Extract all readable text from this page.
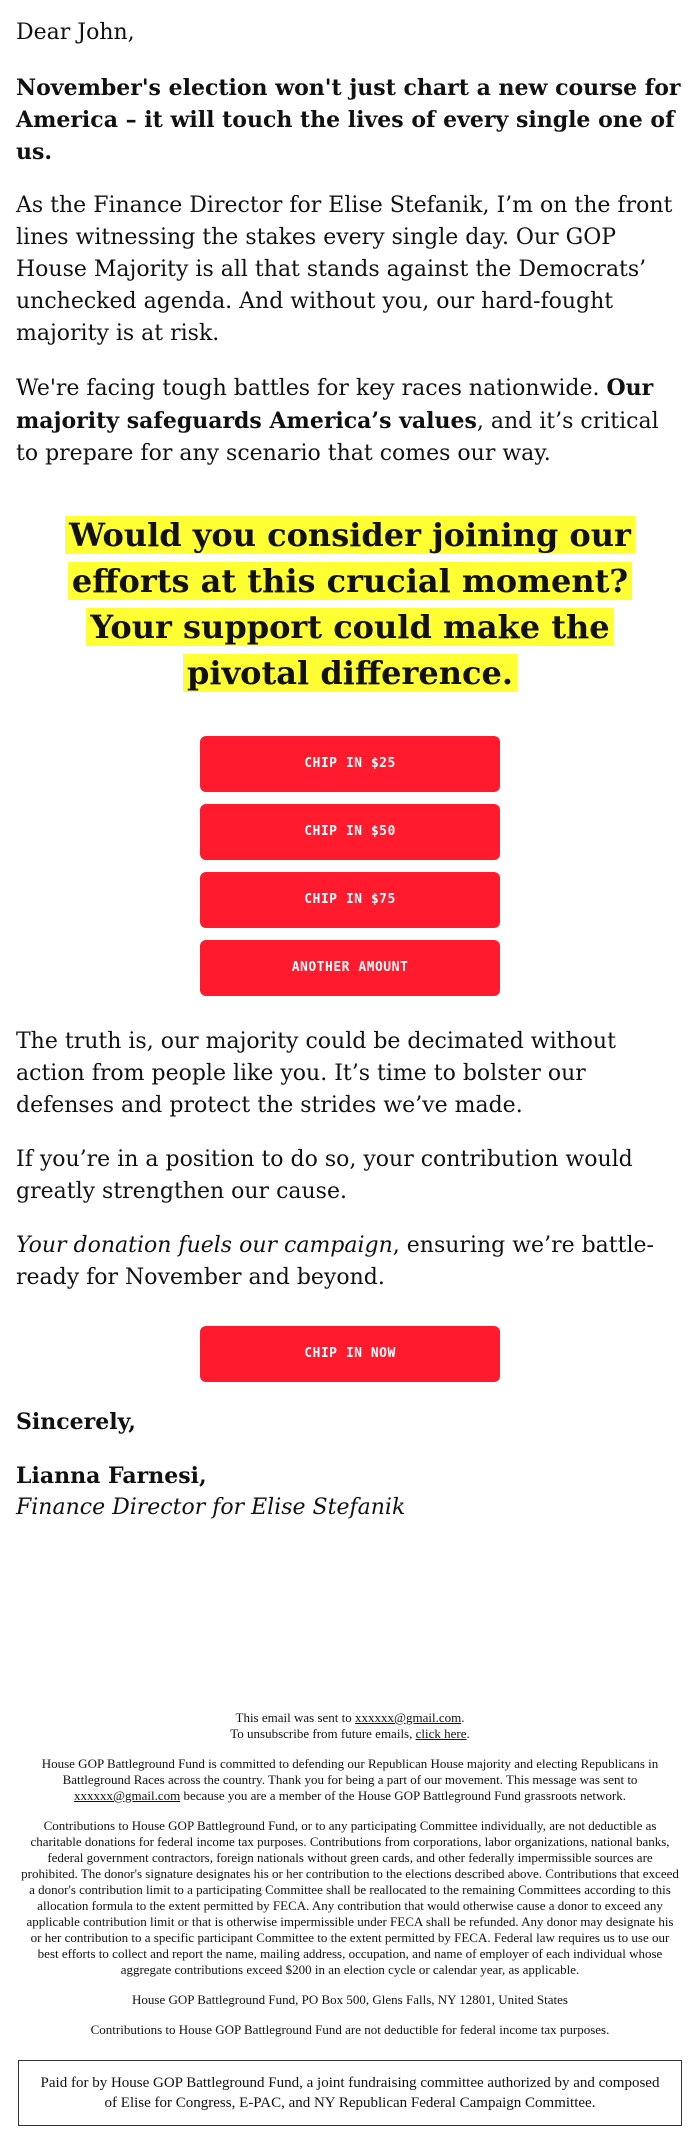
Dear John,

November's election won't just chart a new course for America – it will touch the lives of every single one of us.

As the Finance Director for Elise Stefanik, I’m on the front lines witnessing the stakes every single day. Our GOP House Majority is all that stands against the Democrats’ unchecked agenda. And without you, our hard-fought majority is at risk.

We're facing tough battles for key races nationwide. Our majority safeguards America’s values, and it’s critical to prepare for any scenario that comes our way.

Would you consider joining our efforts at this crucial moment? Your support could make the pivotal difference.
CHIP IN $25
CHIP IN $50
CHIP IN $75
ANOTHER AMOUNT

The truth is, our majority could be decimated without action from people like you. It’s time to bolster our defenses and protect the strides we’ve made.

If you’re in a position to do so, your contribution would greatly strengthen our cause.

Your donation fuels our campaign, ensuring we’re battle-ready for November and beyond.

CHIP IN NOW

Sincerely,

Lianna Farnesi,

Finance Director for Elise Stefanik

This email was sent to xxxxxx@gmail.com.

To unsubscribe from future emails, click here.

House GOP Battleground Fund is committed to defending our Republican House majority and electing Republicans in Battleground Races across the country. Thank you for being a part of our movement. This message was sent to xxxxxx@gmail.com because you are a member of the House GOP Battleground Fund grassroots network.

Contributions to House GOP Battleground Fund, or to any participating Committee individually, are not deductible as charitable donations for federal income tax purposes. Contributions from corporations, labor organizations, national banks, federal government contractors, foreign nationals without green cards, and other federally impermissible sources are prohibited. The donor's signature designates his or her contribution to the elections described above. Contributions that exceed a donor's contribution limit to a participating Committee shall be reallocated to the remaining Committees according to this allocation formula to the extent permitted by FECA. Any contribution that would otherwise cause a donor to exceed any applicable contribution limit or that is otherwise impermissible under FECA shall be refunded. Any donor may designate his or her contribution to a specific participant Committee to the extent permitted by FECA. Federal law requires us to use our best efforts to collect and report the name, mailing address, occupation, and name of employer of each individual whose aggregate contributions exceed $200 in an election cycle or calendar year, as applicable.

House GOP Battleground Fund, PO Box 500, Glens Falls, NY 12801, United States

Contributions to House GOP Battleground Fund are not deductible for federal income tax purposes.

Paid for by House GOP Battleground Fund, a joint fundraising committee authorized by and composed of Elise for Congress, E-PAC, and NY Republican Federal Campaign Committee.
